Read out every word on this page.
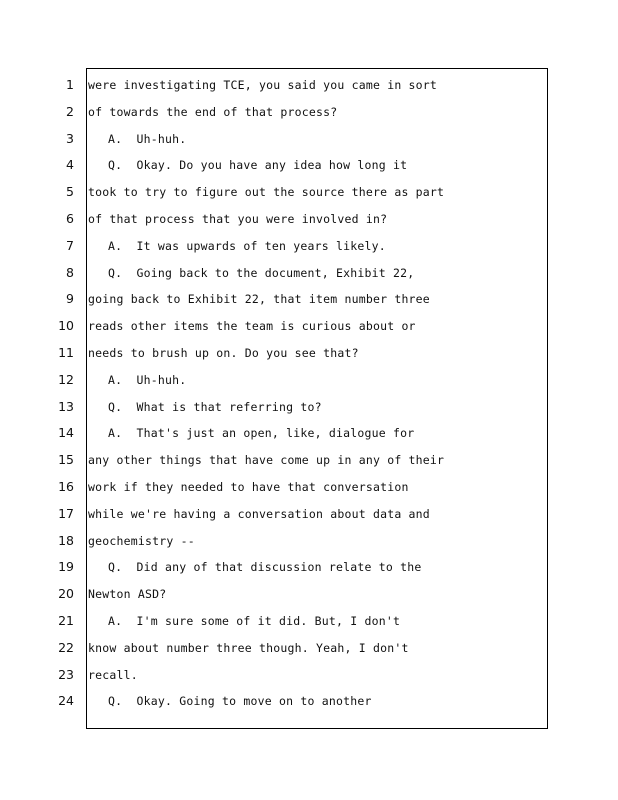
1
2
3
4
5
6
7
8
9
10
11
12
13
14
15
16
17
18
19
20
21
22
23
24
were investigating TCE, you said you came in sort
of towards the end of that process?
A.  Uh-huh.
Q.  Okay. Do you have any idea how long it
took to try to figure out the source there as part
of that process that you were involved in?
A.  It was upwards of ten years likely.
Q.  Going back to the document, Exhibit 22,
going back to Exhibit 22, that item number three
reads other items the team is curious about or
needs to brush up on. Do you see that?
A.  Uh-huh.
Q.  What is that referring to?
A.  That's just an open, like, dialogue for
any other things that have come up in any of their
work if they needed to have that conversation
while we're having a conversation about data and
geochemistry --
Q.  Did any of that discussion relate to the
Newton ASD?
A.  I'm sure some of it did. But, I don't
know about number three though. Yeah, I don't
recall.
Q.  Okay. Going to move on to another
